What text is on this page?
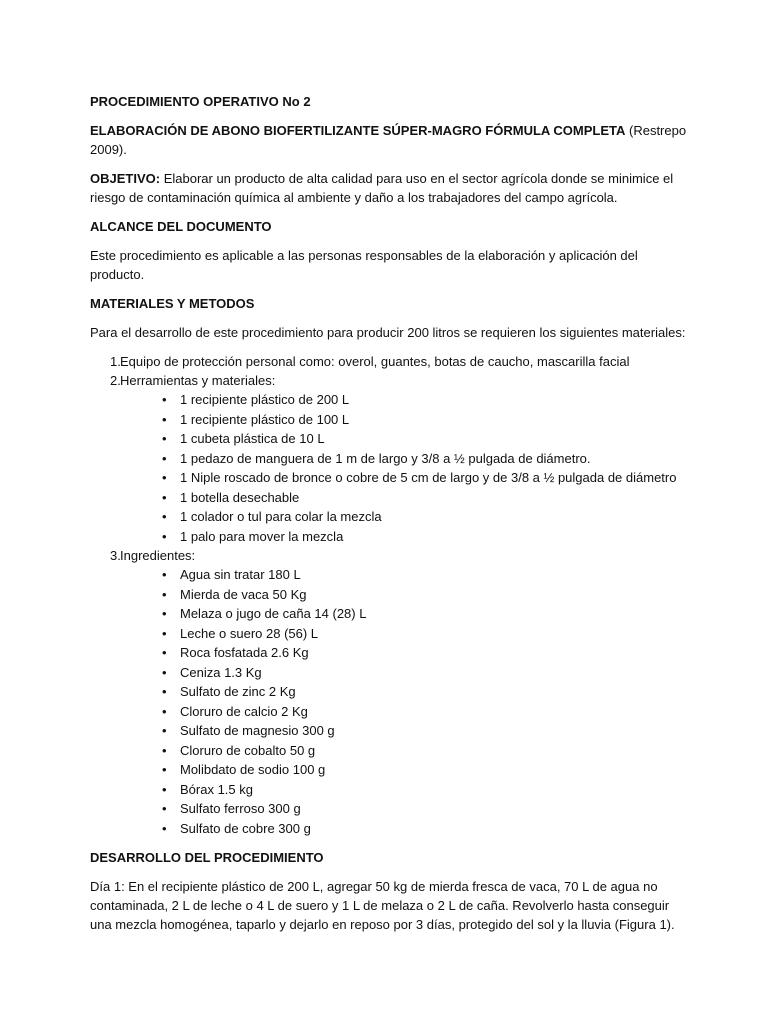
PROCEDIMIENTO OPERATIVO No 2

ELABORACIÓN DE ABONO BIOFERTILIZANTE SÚPER-MAGRO FÓRMULA COMPLETA (Restrepo 2009).

OBJETIVO: Elaborar un producto de alta calidad para uso en el sector agrícola donde se minimice el riesgo de contaminación química al ambiente y daño a los trabajadores del campo agrícola.

ALCANCE DEL DOCUMENTO

Este procedimiento es aplicable a las personas responsables de la elaboración y aplicación del producto.

MATERIALES Y METODOS

Para el desarrollo de este procedimiento para producir 200 litros se requieren los siguientes materiales:

1. Equipo de protección personal como: overol, guantes, botas de caucho, mascarilla facial
2. Herramientas y materiales:
• 1 recipiente plástico de 200 L
• 1 recipiente plástico de 100 L
• 1 cubeta plástica de 10 L
• 1 pedazo de manguera de 1 m de largo y 3/8 a ½ pulgada de diámetro.
• 1 Niple roscado de bronce o cobre de 5 cm de largo y de 3/8 a ½ pulgada de diámetro
• 1 botella desechable
• 1 colador o tul para colar la mezcla
• 1 palo para mover la mezcla
3. Ingredientes:
• Agua sin tratar 180 L
• Mierda de vaca 50 Kg
• Melaza o jugo de caña 14 (28) L
• Leche o suero 28 (56) L
• Roca fosfatada 2.6 Kg
• Ceniza 1.3 Kg
• Sulfato de zinc 2 Kg
• Cloruro de calcio 2 Kg
• Sulfato de magnesio 300 g
• Cloruro de cobalto 50 g
• Molibdato de sodio 100 g
• Bórax 1.5 kg
• Sulfato ferroso 300 g
• Sulfato de cobre 300 g

DESARROLLO DEL PROCEDIMIENTO

Día 1: En el recipiente plástico de 200 L, agregar 50 kg de mierda fresca de vaca, 70 L de agua no contaminada, 2 L de leche o 4 L de suero y 1 L de melaza o 2 L de caña. Revolverlo hasta conseguir una mezcla homogénea, taparlo y dejarlo en reposo por 3 días, protegido del sol y la lluvia (Figura 1).
